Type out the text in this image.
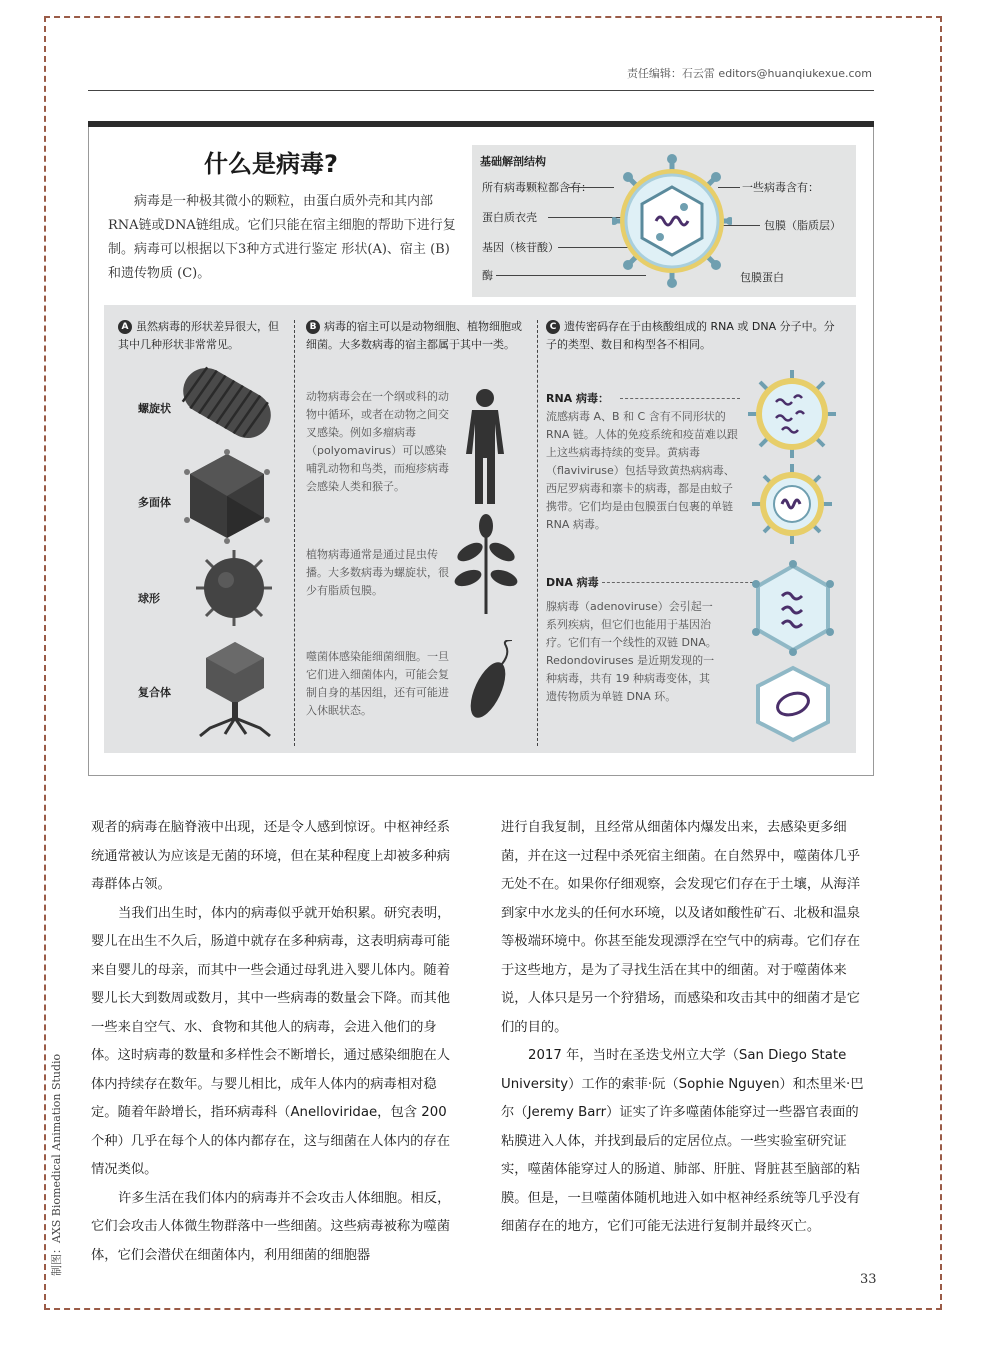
责任编辑：石云雷 editors@huanqiukexue.com
什么是病毒?
病毒是一种极其微小的颗粒，由蛋白质外壳和其内部RNA链或DNA链组成。它们只能在宿主细胞的帮助下进行复制。病毒可以根据以下3种方式进行鉴定 形状(A)、宿主 (B) 和遗传物质 (C)。
基础解剖结构
所有病毒颗粒都含有：
蛋白质衣壳
基因（核苷酸）
酶
一些病毒含有：
包膜（脂质层）
包膜蛋白
A 虽然病毒的形状差异很大，但其中几种形状非常常见。
螺旋状
多面体
球形
复合体
B 病毒的宿主可以是动物细胞、植物细胞或细菌。大多数病毒的宿主都属于其中一类。
动物病毒会在一个纲或科的动物中循环，或者在动物之间交叉感染。例如多瘤病毒（polyomavirus）可以感染哺乳动物和鸟类，而疱疹病毒会感染人类和猴子。
植物病毒通常是通过昆虫传播。大多数病毒为螺旋状，很少有脂质包膜。
噬菌体感染能细菌细胞。一旦它们进入细菌体内，可能会复制自身的基因组，还有可能进入休眠状态。
C 遗传密码存在于由核酸组成的 RNA 或 DNA 分子中。分子的类型、数目和构型各不相同。
RNA 病毒：
流感病毒 A、B 和 C 含有不同形状的 RNA 链。人体的免疫系统和疫苗难以跟上这些病毒持续的变异。黄病毒（flaviviruse）包括导致黄热病病毒、西尼罗病毒和寨卡的病毒，都是由蚊子携带。它们均是由包膜蛋白包裹的单链 RNA 病毒。
DNA 病毒
腺病毒（adenoviruse）会引起一系列疾病，但它们也能用于基因治疗。它们有一个线性的双链 DNA。Redondoviruses 是近期发现的一种病毒，共有 19 种病毒变体，其遗传物质为单链 DNA 环。

观者的病毒在脑脊液中出现，还是令人感到惊讶。中枢神经系统通常被认为应该是无菌的环境，但在某种程度上却被多种病毒群体占领。

当我们出生时，体内的病毒似乎就开始积累。研究表明，婴儿在出生不久后，肠道中就存在多种病毒，这表明病毒可能来自婴儿的母亲，而其中一些会通过母乳进入婴儿体内。随着婴儿长大到数周或数月，其中一些病毒的数量会下降。而其他一些来自空气、水、食物和其他人的病毒，会进入他们的身体。这时病毒的数量和多样性会不断增长，通过感染细胞在人体内持续存在数年。与婴儿相比，成年人体内的病毒相对稳定。随着年龄增长，指环病毒科（Anelloviridae，包含 200 个种）几乎在每个人的体内都存在，这与细菌在人体内的存在情况类似。

许多生活在我们体内的病毒并不会攻击人体细胞。相反，它们会攻击人体微生物群落中一些细菌。这些病毒被称为噬菌体，它们会潜伏在细菌体内，利用细菌的细胞器

进行自我复制，且经常从细菌体内爆发出来，去感染更多细菌，并在这一过程中杀死宿主细菌。在自然界中，噬菌体几乎无处不在。如果你仔细观察，会发现它们存在于土壤，从海洋到家中水龙头的任何水环境，以及诸如酸性矿石、北极和温泉等极端环境中。你甚至能发现漂浮在空气中的病毒。它们存在于这些地方，是为了寻找生活在其中的细菌。对于噬菌体来说，人体只是另一个狩猎场，而感染和攻击其中的细菌才是它们的目的。

2017 年，当时在圣迭戈州立大学（San Diego State University）工作的索菲·阮（Sophie Nguyen）和杰里米·巴尔（Jeremy Barr）证实了许多噬菌体能穿过一些器官表面的粘膜进入人体，并找到最后的定居位点。一些实验室研究证实，噬菌体能穿过人的肠道、肺部、肝脏、肾脏甚至脑部的粘膜。但是，一旦噬菌体随机地进入如中枢神经系统等几乎没有细菌存在的地方，它们可能无法进行复制并最终灭亡。

制图：AXS Biomedical Animation Studio
33
